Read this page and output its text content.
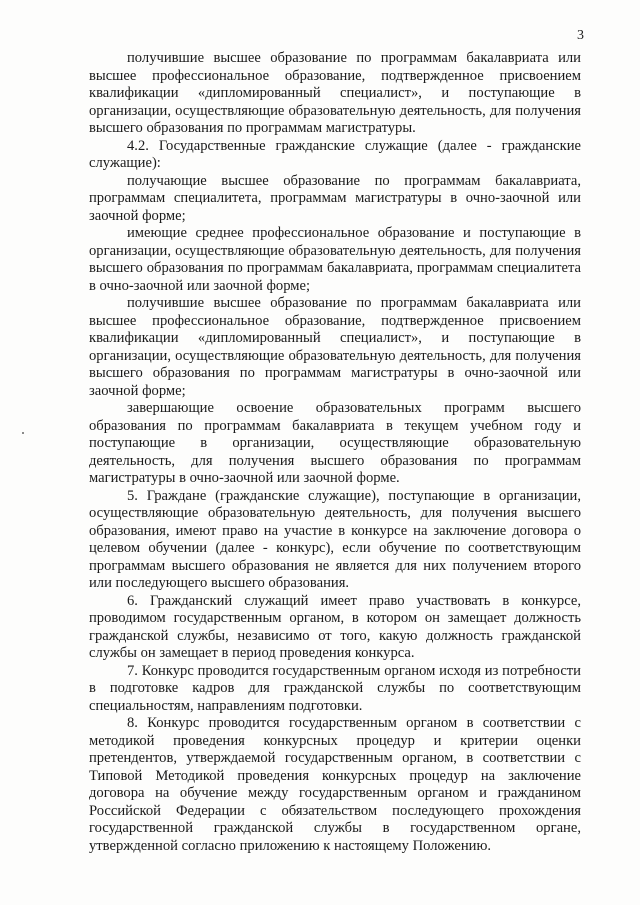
3

получившие высшее образование по программам бакалавриата или высшее профессиональное образование, подтвержденное присвоением квалификации «дипломированный специалист», и поступающие в организации, осуществляющие образовательную деятельность, для получения высшего образования по программам магистратуры.

4.2. Государственные гражданские служащие (далее - гражданские служащие):

получающие высшее образование по программам бакалавриата, программам специалитета, программам магистратуры в очно-заочной или заочной форме;

имеющие среднее профессиональное образование и поступающие в организации, осуществляющие образовательную деятельность, для получения высшего образования по программам бакалавриата, программам специалитета в очно-заочной или заочной форме;

получившие высшее образование по программам бакалавриата или высшее профессиональное образование, подтвержденное присвоением квалификации «дипломированный специалист», и поступающие в организации, осуществляющие образовательную деятельность, для получения высшего образования по программам магистратуры в очно-заочной или заочной форме;

завершающие освоение образовательных программ высшего образования по программам бакалавриата в текущем учебном году и поступающие в организации, осуществляющие образовательную деятельность, для получения высшего образования по программам магистратуры в очно-заочной или заочной форме.

5. Граждане (гражданские служащие), поступающие в организации, осуществляющие образовательную деятельность, для получения высшего образования, имеют право на участие в конкурсе на заключение договора о целевом обучении (далее - конкурс), если обучение по соответствующим программам высшего образования не является для них получением второго или последующего высшего образования.

6. Гражданский служащий имеет право участвовать в конкурсе, проводимом государственным органом, в котором он замещает должность гражданской службы, независимо от того, какую должность гражданской службы он замещает в период проведения конкурса.

7. Конкурс проводится государственным органом исходя из потребности в подготовке кадров для гражданской службы по соответствующим специальностям, направлениям подготовки.

8. Конкурс проводится государственным органом в соответствии с методикой проведения конкурсных процедур и критерии оценки претендентов, утверждаемой государственным органом, в соответствии с Типовой Методикой проведения конкурсных процедур на заключение договора на обучение между государственным органом и гражданином Российской Федерации с обязательством последующего прохождения государственной гражданской службы в государственном органе, утвержденной согласно приложению к настоящему Положению.
